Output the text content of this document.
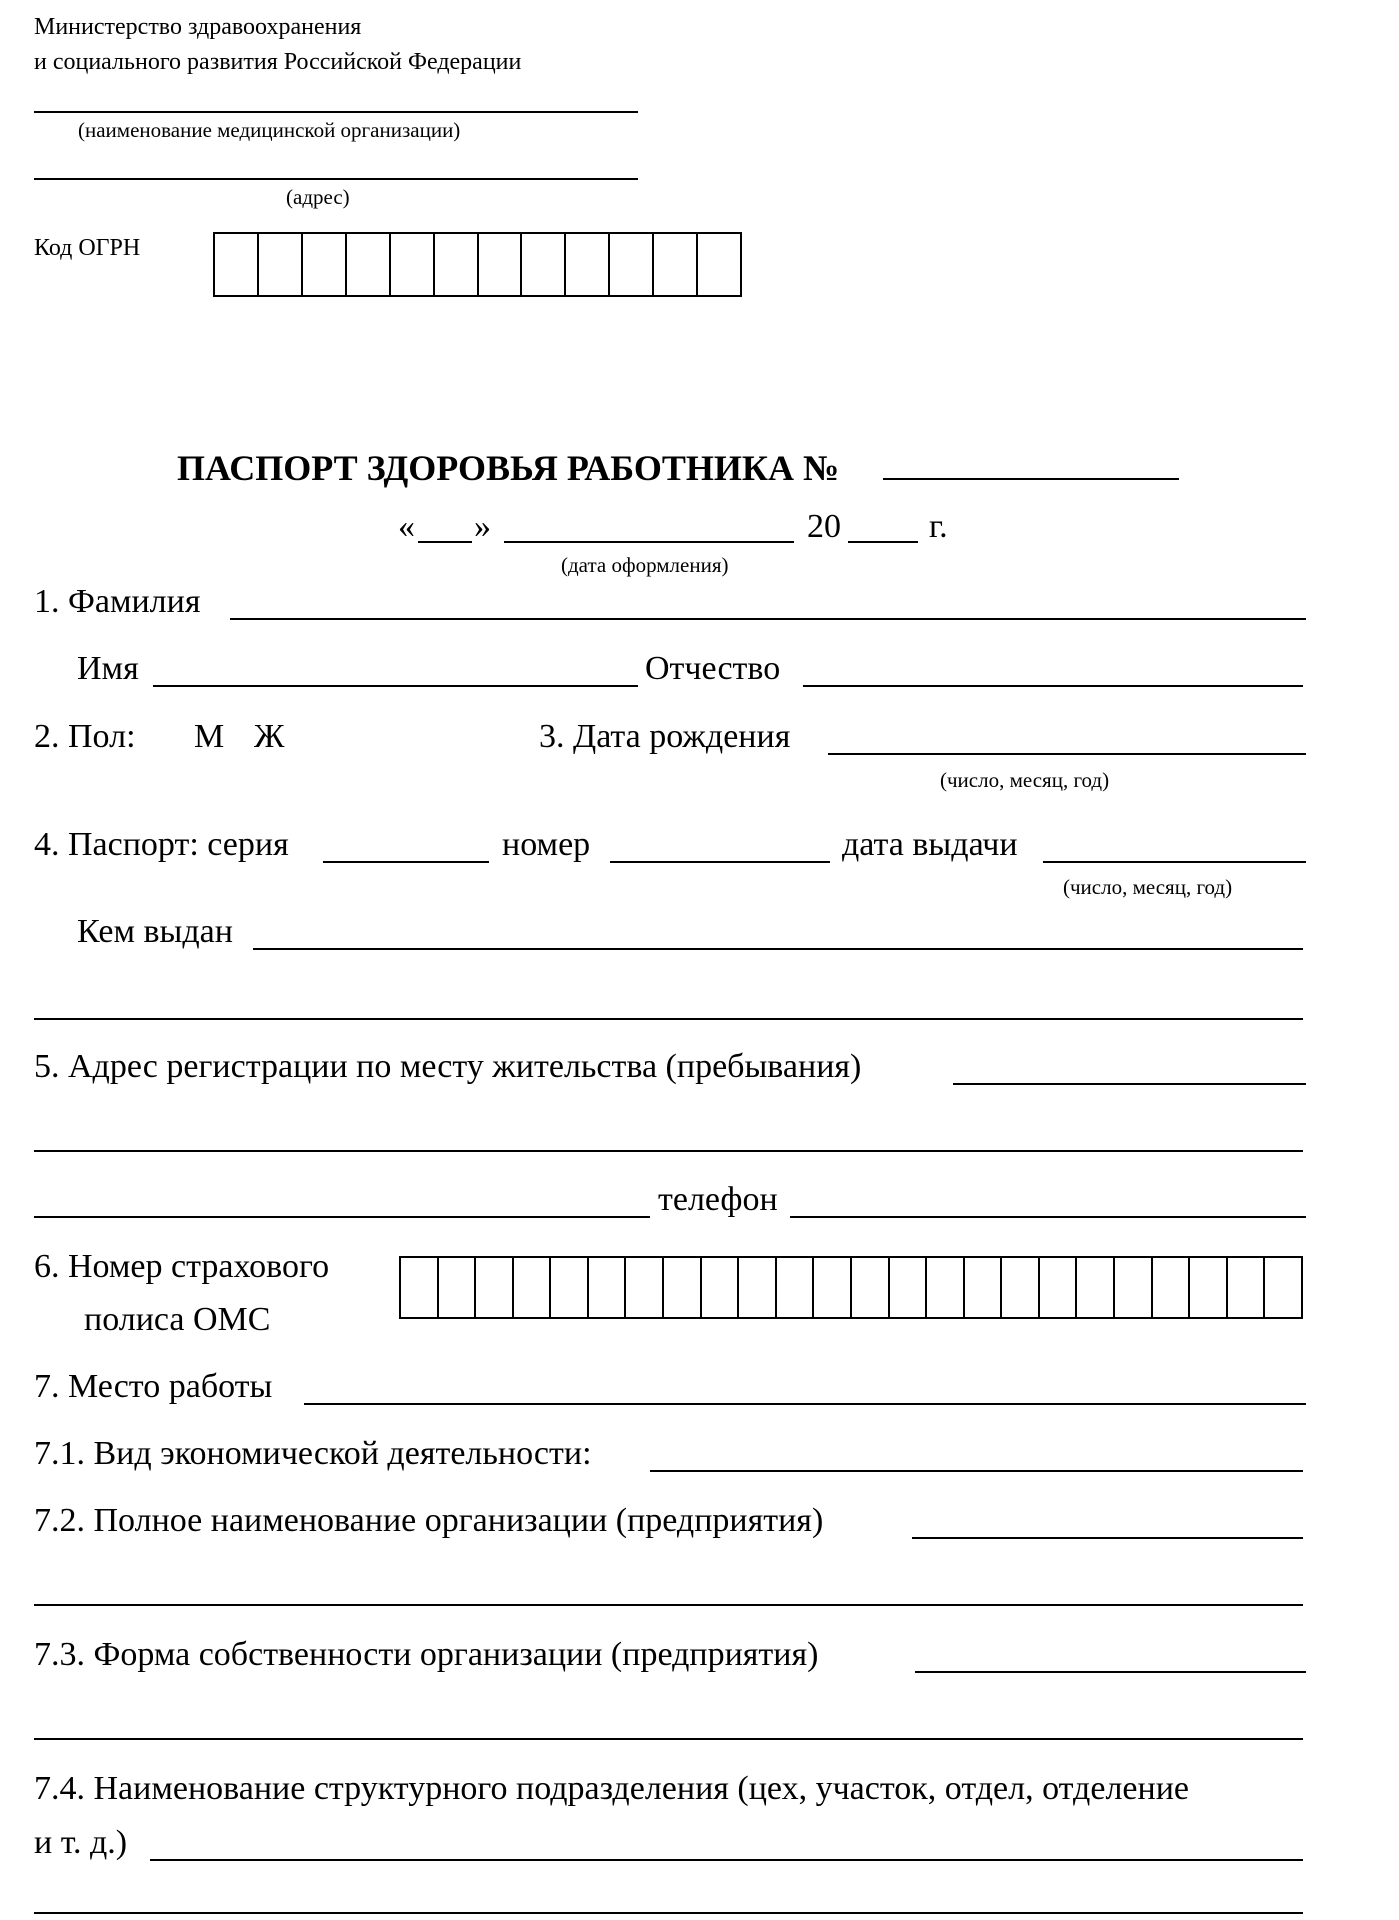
Министерство здравоохранения
и социального развития Российской Федерации
(наименование медицинской организации)
(адрес)
Код ОГРН
ПАСПОРТ ЗДОРОВЬЯ РАБОТНИКА №
« »	20	г.
(дата оформления)
1. Фамилия
Имя	Отчество
2. Пол: М Ж	3. Дата рождения
(число, месяц, год)
4. Паспорт: серия	номер	дата выдачи
(число, месяц, год)
Кем выдан
5. Адрес регистрации по месту жительства (пребывания)
телефон
6. Номер страхового
полиса ОМС
7. Место работы
7.1. Вид экономической деятельности:
7.2. Полное наименование организации (предприятия)
7.3. Форма собственности организации (предприятия)
7.4. Наименование структурного подразделения (цех, участок, отдел, отделение
и т. д.)
